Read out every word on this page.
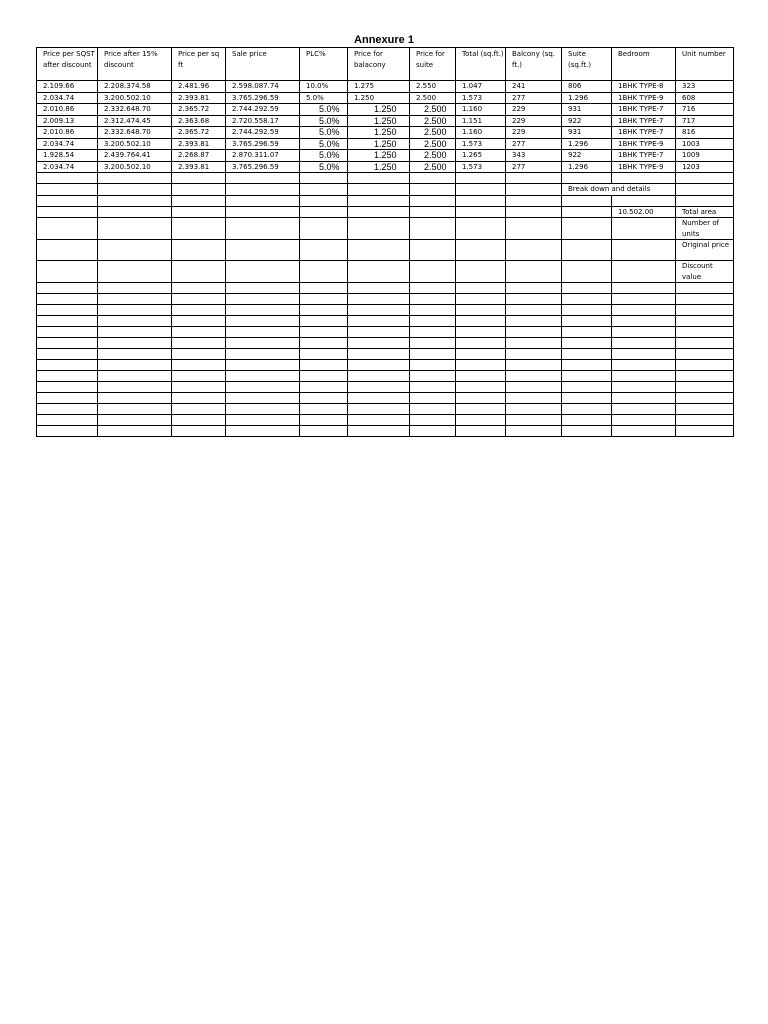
Annexure 1
Price per SQST after discount	Price after 15% discount	Price per sq ft	Sale price	PLC%	Price for balacony	Price for suite	Total (sq.ft.)	Balcony (sq. ft.)	Suite (sq.ft.)	Bedroom	Unit number
2.109.66	2.208.374.58	2.481.96	2.598.087.74	10.0%	1.275	2.550	1.047	241	806	1BHK TYPE-8	323
2.034.74	3.200.502.10	2.393.81	3.765.296.59	5.0%	1.250	2.500	1.573	277	1.296	1BHK TYPE-9	608
2.010.86	2.332.648.70	2.365.72	2.744.292.59	5.0%	1.250	2.500	1.160	229	931	1BHK TYPE-7	716
2.009.13	2.312.474.45	2.363.68	2.720.558.17	5.0%	1.250	2.500	1.151	229	922	1BHK TYPE-7	717
2.010.86	2.332.648.70	2.365.72	2.744.292.59	5.0%	1.250	2.500	1.160	229	931	1BHK TYPE-7	816
2.034.74	3.200.502.10	2.393.81	3.765.296.59	5.0%	1.250	2.500	1.573	277	1.296	1BHK TYPE-9	1003
1.928.54	2.439.764.41	2.268.87	2.870.311.07	5.0%	1.250	2.500	1.265	343	922	1BHK TYPE-7	1009
2.034.74	3.200.502.10	2.393.81	3.765.296.59	5.0%	1.250	2.500	1.573	277	1.296	1BHK TYPE-9	1203

									Break down and details		

										10.502.00	Total area
											Number of units
											Original price
											Discount value
